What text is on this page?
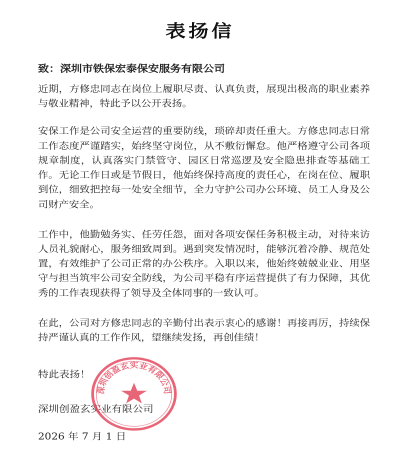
表扬信
致：深圳市铁保宏泰保安服务有限公司
近期，方修忠同志在岗位上履职尽责、认真负责，展现出极高的职业素养与敬业精神，特此予以公开表扬。
安保工作是公司安全运营的重要防线，琐碎却责任重大。方修忠同志日常工作态度严谨踏实，始终坚守岗位，从不敷衍懈怠。他严格遵守公司各项规章制度，认真落实门禁管守、园区日常巡逻及安全隐患排查等基础工作。无论工作日或是节假日，他始终保持高度的责任心，在岗在位、履职到位，细致把控每一处安全细节，全力守护公司办公环境、员工人身及公司财产安全。
工作中，他勤勉务实、任劳任怨，面对各项安保任务积极主动，对待来访人员礼貌耐心，服务细致周到。遇到突发情况时，能够沉着冷静、规范处置，有效维护了公司正常的办公秩序。入职以来，他始终兢兢业业、用坚守与担当筑牢公司安全防线，为公司平稳有序运营提供了有力保障，其优秀的工作表现获得了领导及全体同事的一致认可。
在此，公司对方修忠同志的辛勤付出表示衷心的感谢！再接再厉，持续保持严谨认真的工作作风，望继续发扬，再创佳绩！
特此表扬！
深圳创盈玄实业有限公司
2026 年 7 月 1 日
深圳创盈玄实业有限公司
